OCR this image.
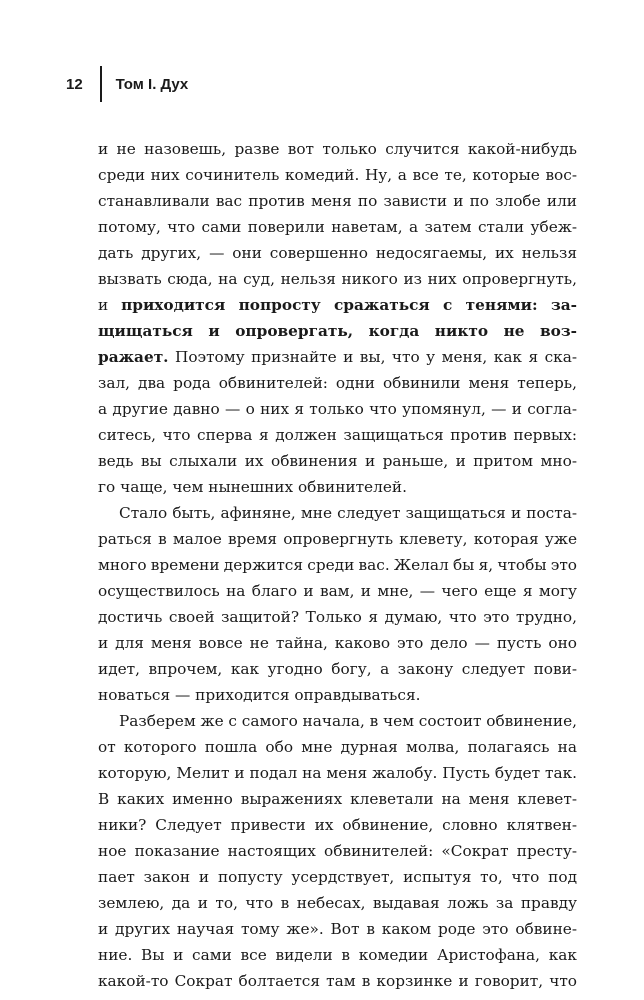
12	Том I. Дух
и не назовешь, разве вот только случится какой-нибудь
среди них сочинитель комедий. Ну, а все те, которые вос-
станавливали вас против меня по зависти и по злобе или
потому, что сами поверили наветам, а затем стали убеж-
дать других, — они совершенно недосягаемы, их нельзя
вызвать сюда, на суд, нельзя никого из них опровергнуть,
и приходится попросту сражаться с тенями: за-
щищаться и опровергать, когда никто не воз-
ражает. Поэтому признайте и вы, что у меня, как я ска-
зал, два рода обвинителей: одни обвинили меня теперь,
а другие давно — о них я только что упомянул, — и согла-
ситесь, что сперва я должен защищаться против первых:
ведь вы слыхали их обвинения и раньше, и притом мно-
го чаще, чем нынешних обвинителей.
Стало быть, афиняне, мне следует защищаться и поста-
раться в малое время опровергнуть клевету, которая уже
много времени держится среди вас. Желал бы я, чтобы это
осуществилось на благо и вам, и мне, — чего еще я могу
достичь своей защитой? Только я думаю, что это трудно,
и для меня вовсе не тайна, каково это дело — пусть оно
идет, впрочем, как угодно богу, а закону следует пови-
новаться — приходится оправдываться.
Разберем же с самого начала, в чем состоит обвинение,
от которого пошла обо мне дурная молва, полагаясь на
которую, Мелит и подал на меня жалобу. Пусть будет так.
В каких именно выражениях клеветали на меня клевет-
ники? Следует привести их обвинение, словно клятвен-
ное показание настоящих обвинителей: «Сократ престу-
пает закон и попусту усердствует, испытуя то, что под
землею, да и то, что в небесах, выдавая ложь за правду
и других научая тому же». Вот в каком роде это обвине-
ние. Вы и сами все видели в комедии Аристофана, как
какой-то Сократ болтается там в корзинке и говорит, что
